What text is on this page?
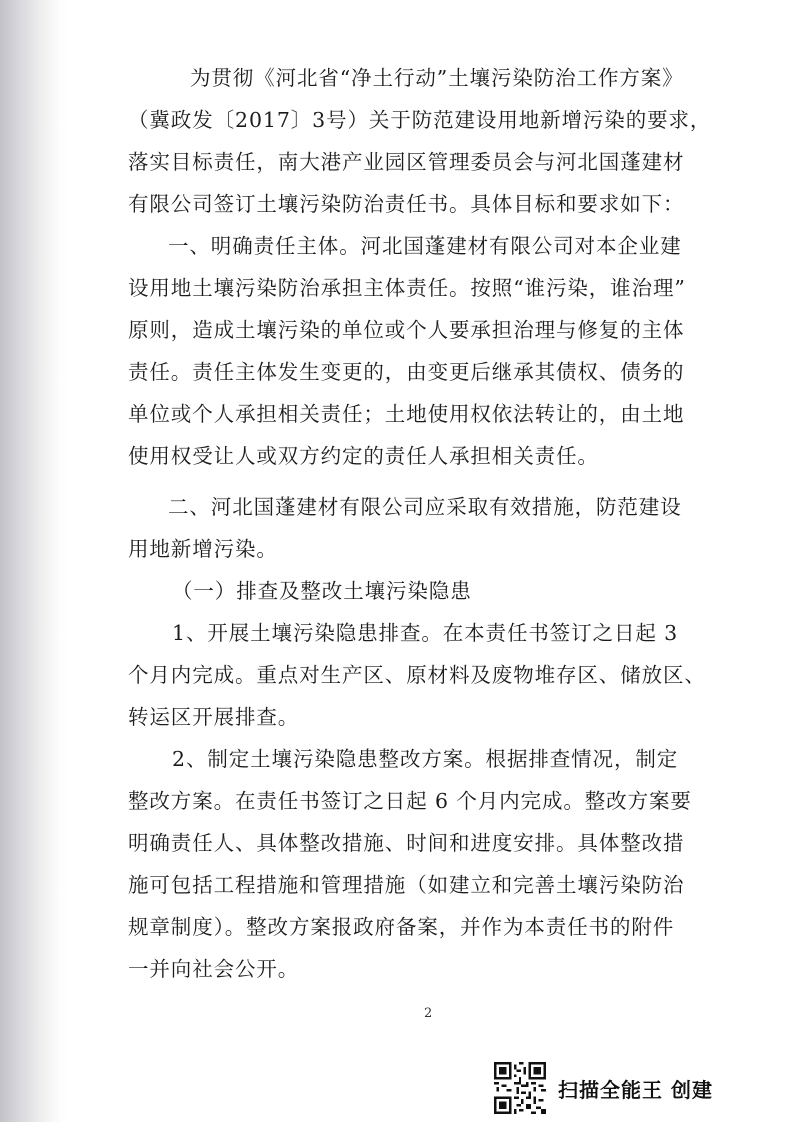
为贯彻《河北省“净土行动”土壤污染防治工作方案》
（冀政发〔2017〕3号）关于防范建设用地新增污染的要求，
落实目标责任，南大港产业园区管理委员会与河北国蓬建材
有限公司签订土壤污染防治责任书。具体目标和要求如下：
一、明确责任主体。河北国蓬建材有限公司对本企业建
设用地土壤污染防治承担主体责任。按照“谁污染，谁治理”
原则，造成土壤污染的单位或个人要承担治理与修复的主体
责任。责任主体发生变更的，由变更后继承其债权、债务的
单位或个人承担相关责任；土地使用权依法转让的，由土地
使用权受让人或双方约定的责任人承担相关责任。
二、河北国蓬建材有限公司应采取有效措施，防范建设
用地新增污染。
（一）排查及整改土壤污染隐患
1、开展土壤污染隐患排查。在本责任书签订之日起 3
个月内完成。重点对生产区、原材料及废物堆存区、储放区、
转运区开展排查。
2、制定土壤污染隐患整改方案。根据排查情况，制定
整改方案。在责任书签订之日起 6 个月内完成。整改方案要
明确责任人、具体整改措施、时间和进度安排。具体整改措
施可包括工程措施和管理措施（如建立和完善土壤污染防治
规章制度）。整改方案报政府备案，并作为本责任书的附件
一并向社会公开。
2
扫描全能王 创建
